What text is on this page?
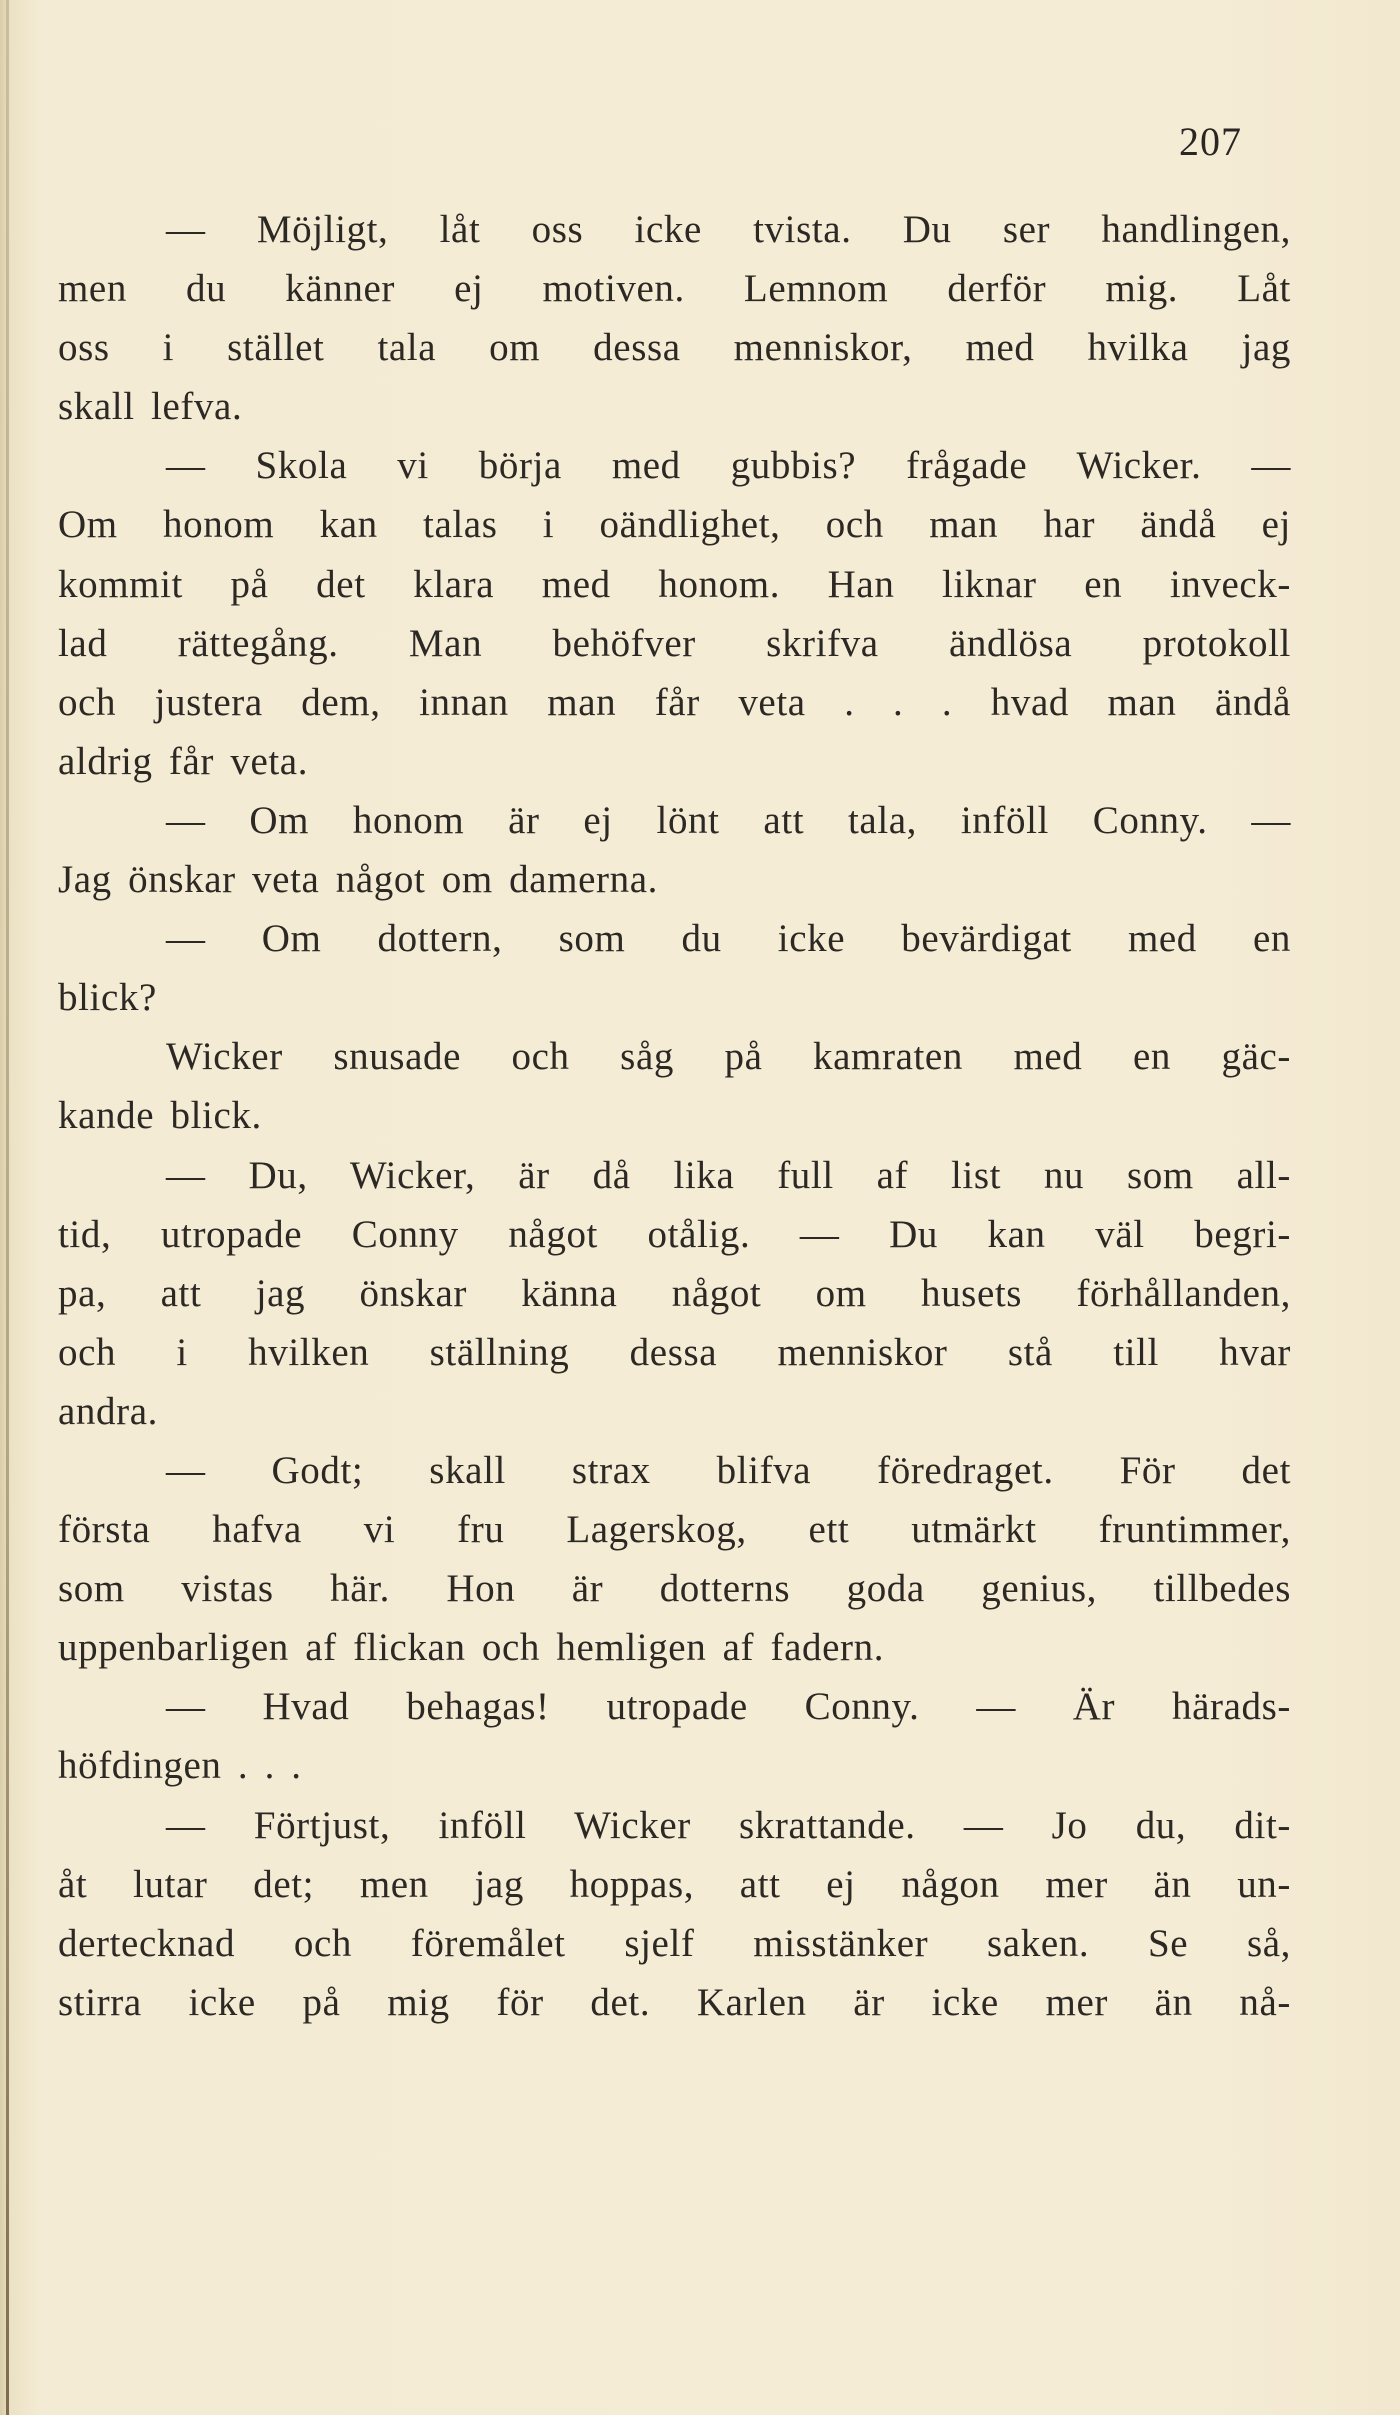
207
— Möjligt, låt oss icke tvista. Du ser handlingen,
men du känner ej motiven. Lemnom derför mig. Låt
oss i stället tala om dessa menniskor, med hvilka jag
skall lefva.
— Skola vi börja med gubbis? frågade Wicker. —
Om honom kan talas i oändlighet, och man har ändå ej
kommit på det klara med honom. Han liknar en inveck-
lad rättegång. Man behöfver skrifva ändlösa protokoll
och justera dem, innan man får veta . . . hvad man ändå
aldrig får veta.
— Om honom är ej lönt att tala, inföll Conny. —
Jag önskar veta något om damerna.
— Om dottern, som du icke bevärdigat med en
blick?
Wicker snusade och såg på kamraten med en gäc-
kande blick.
— Du, Wicker, är då lika full af list nu som all-
tid, utropade Conny något otålig. — Du kan väl begri-
pa, att jag önskar känna något om husets förhållanden,
och i hvilken ställning dessa menniskor stå till hvar
andra.
— Godt; skall strax blifva föredraget. För det
första hafva vi fru Lagerskog, ett utmärkt fruntimmer,
som vistas här. Hon är dotterns goda genius, tillbedes
uppenbarligen af flickan och hemligen af fadern.
— Hvad behagas! utropade Conny. — Är härads-
höfdingen . . .
— Förtjust, inföll Wicker skrattande. — Jo du, dit-
åt lutar det; men jag hoppas, att ej någon mer än un-
dertecknad och föremålet sjelf misstänker saken. Se så,
stirra icke på mig för det. Karlen är icke mer än nå-
